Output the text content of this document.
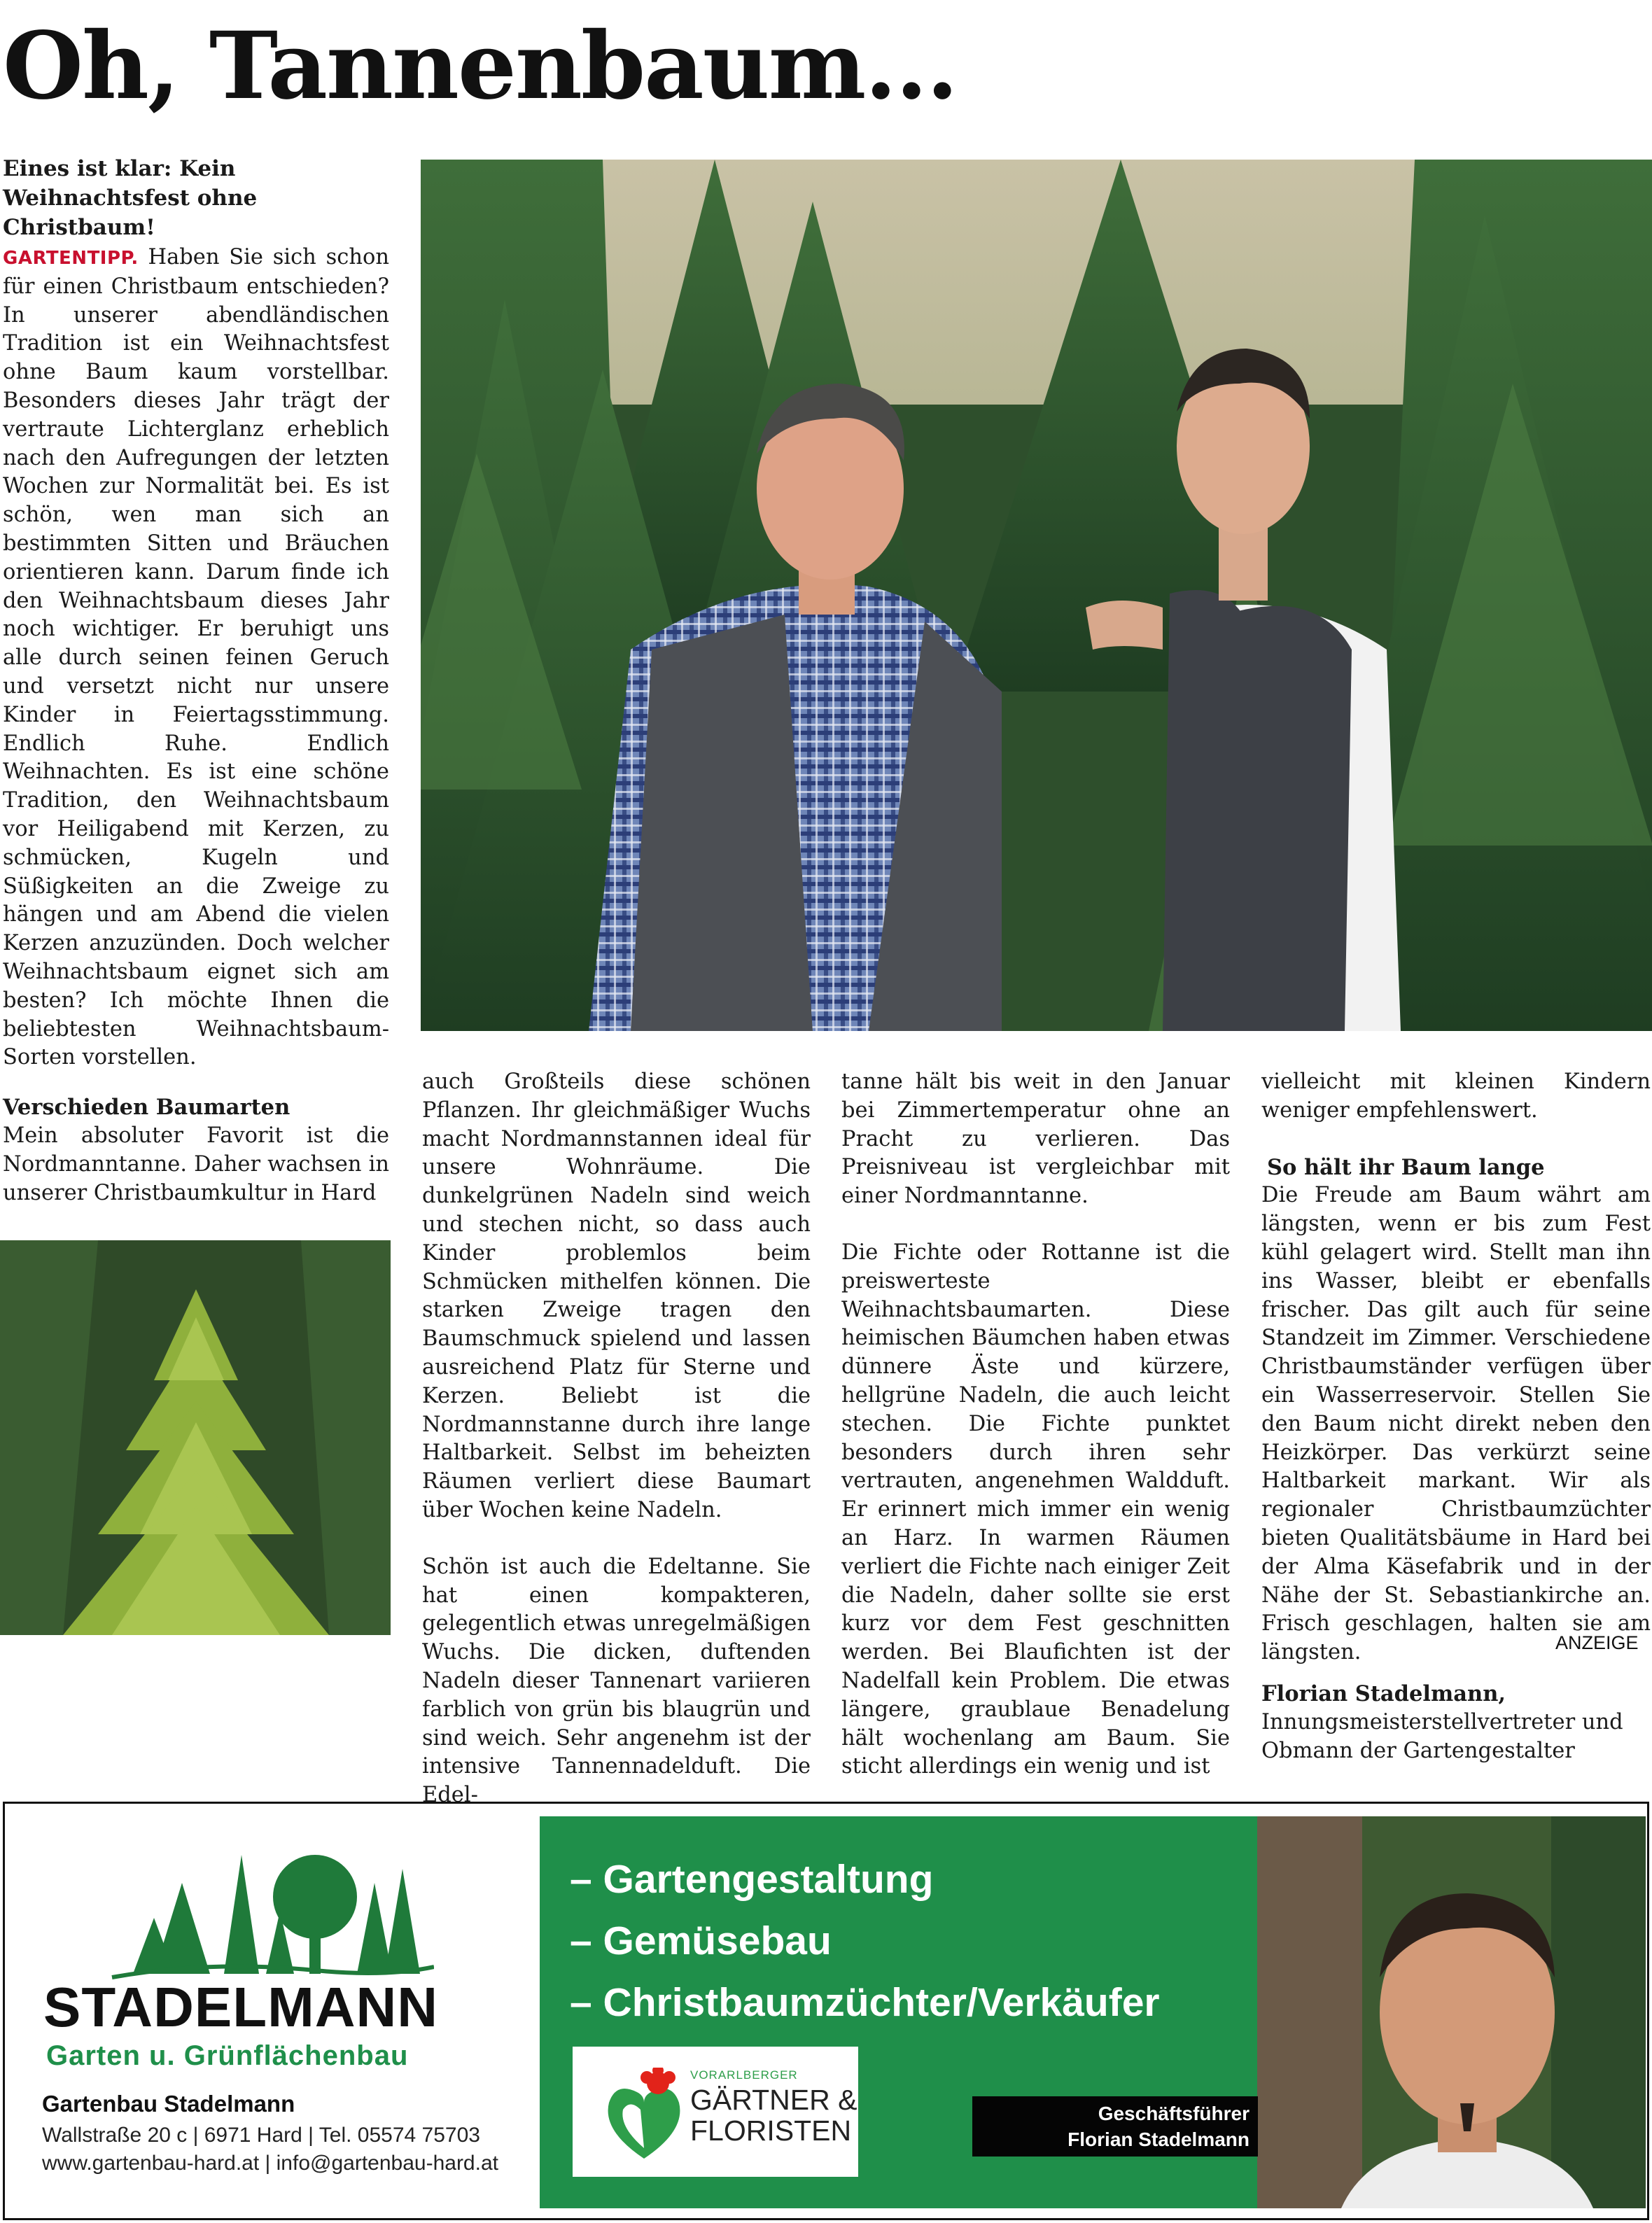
Oh, Tannenbaum...
Eines ist klar: Kein Weihnachtsfest ohne Christbaum!

GARTENTIPP. Haben Sie sich schon für einen Christbaum entschieden? In unserer abendländischen Tradition ist ein Weihnachtsfest ohne Baum kaum vorstellbar. Besonders dieses Jahr trägt der vertraute Lichterglanz erheblich nach den Aufregungen der letzten Wochen zur Normalität bei. Es ist schön, wen man sich an bestimmten Sitten und Bräuchen orientieren kann. Darum finde ich den Weihnachtsbaum dieses Jahr noch wichtiger. Er beruhigt uns alle durch seinen feinen Geruch und versetzt nicht nur unsere Kinder in Feiertagsstimmung. Endlich Ruhe. Endlich Weihnachten. Es ist eine schöne Tradition, den Weihnachtsbaum vor Heiligabend mit Kerzen, zu schmücken, Kugeln und Süßigkeiten an die Zweige zu hängen und am Abend die vielen Kerzen anzuzünden. Doch welcher Weihnachtsbaum eignet sich am besten? Ich möchte Ihnen die beliebtesten Weihnachtsbaum-Sorten vorstellen.

Verschieden Baumarten

Mein absoluter Favorit ist die Nordmanntanne. Daher wachsen in unserer Christbaumkultur in Hard

auch Großteils diese schönen Pflanzen. Ihr gleichmäßiger Wuchs macht Nordmannstannen ideal für unsere Wohnräume. Die dunkelgrünen Nadeln sind weich und stechen nicht, so dass auch Kinder problemlos beim Schmücken mithelfen können. Die starken Zweige tragen den Baumschmuck spielend und lassen ausreichend Platz für Sterne und Kerzen. Beliebt ist die Nordmannstanne durch ihre lange Haltbarkeit. Selbst im beheizten Räumen verliert diese Baumart über Wochen keine Nadeln.

Schön ist auch die Edeltanne. Sie hat einen kompakteren, gelegentlich etwas unregelmäßigen Wuchs. Die dicken, duftenden Nadeln dieser Tannenart variieren farblich von grün bis blaugrün und sind weich. Sehr angenehm ist der intensive Tannennadelduft. Die Edel-

tanne hält bis weit in den Januar bei Zimmertemperatur ohne an Pracht zu verlieren. Das Preisniveau ist vergleichbar mit einer Nordmanntanne.

Die Fichte oder Rottanne ist die preiswerteste Weihnachtsbaumarten. Diese heimischen Bäumchen haben etwas dünnere Äste und kürzere, hellgrüne Nadeln, die auch leicht stechen. Die Fichte punktet besonders durch ihren sehr vertrauten, angenehmen Waldduft. Er erinnert mich immer ein wenig an Harz. In warmen Räumen verliert die Fichte nach einiger Zeit die Nadeln, daher sollte sie erst kurz vor dem Fest geschnitten werden. Bei Blaufichten ist der Nadelfall kein Problem. Die etwas längere, graublaue Benadelung hält wochenlang am Baum. Sie sticht allerdings ein wenig und ist

vielleicht mit kleinen Kindern weniger empfehlenswert.

So hält ihr Baum lange

Die Freude am Baum währt am längsten, wenn er bis zum Fest kühl gelagert wird. Stellt man ihn ins Wasser, bleibt er ebenfalls frischer. Das gilt auch für seine Standzeit im Zimmer. Verschiedene Christbaumständer verfügen über ein Wasserreservoir. Stellen Sie den Baum nicht direkt neben den Heizkörper. Das verkürzt seine Haltbarkeit markant. Wir als regionaler Christbaumzüchter bieten Qualitätsbäume in Hard bei der Alma Käsefabrik und in der Nähe der St. Sebastiankirche an. Frisch geschlagen, halten sie am längsten.	ANZEIGE
Florian Stadelmann,
Innungsmeisterstellvertreter und Obmann der Gartengestalter
STADELMANN
Garten u. Grünflächenbau
Gartenbau Stadelmann
Wallstraße 20 c | 6971 Hard | Tel. 05574 75703
www.gartenbau-hard.at | info@gartenbau-hard.at
– Gartengestaltung
– Gemüsebau
– Christbaumzüchter/Verkäufer
VORARLBERGER
GÄRTNER &
FLORISTEN
Geschäftsführer
Florian Stadelmann
